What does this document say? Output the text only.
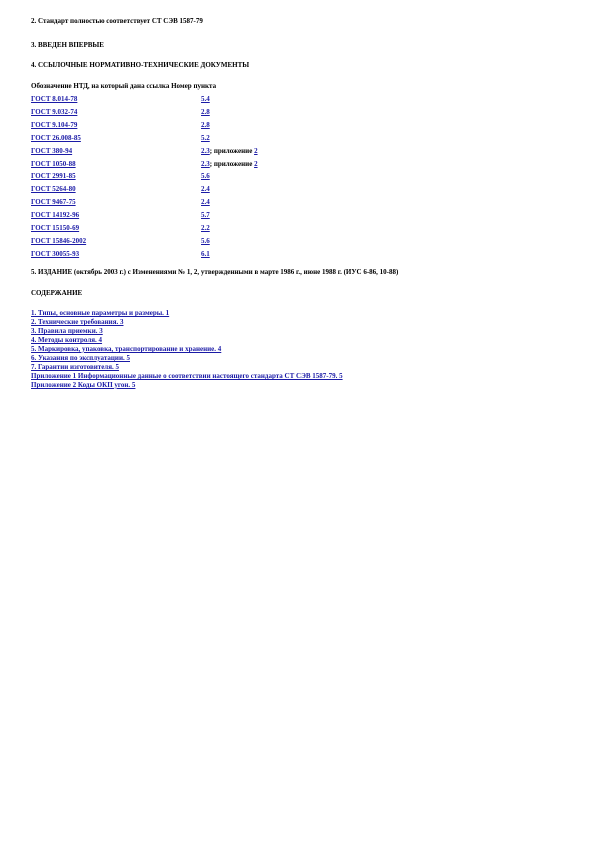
2. Стандарт полностью соответствует СТ СЭВ 1587-79
3. ВВЕДЕН ВПЕРВЫЕ
4. ССЫЛОЧНЫЕ НОРМАТИВНО-ТЕХНИЧЕСКИЕ ДОКУМЕНТЫ
Обозначение НТД, на который дана ссылка Номер пункта
ГОСТ 8.014-78	5.4
ГОСТ 9.032-74	2.8
ГОСТ 9.104-79	2.8
ГОСТ 26.008-85	5.2
ГОСТ 380-94	2.3; приложение 2
ГОСТ 1050-88	2.3; приложение 2
ГОСТ 2991-85	5.6
ГОСТ 5264-80	2.4
ГОСТ 9467-75	2.4
ГОСТ 14192-96	5.7
ГОСТ 15150-69	2.2
ГОСТ 15846-2002	5.6
ГОСТ 30055-93	6.1
5. ИЗДАНИЕ (октябрь 2003 г.) с Изменениями № 1, 2, утвержденными в марте 1986 г., июне 1988 г. (ИУС 6-86, 10-88)
СОДЕРЖАНИЕ
1. Типы, основные параметры и размеры. 1
2. Технические требования. 3
3. Правила приемки. 3
4. Методы контроля. 4
5. Маркировка, упаковка, транспортирование и хранение. 4
6. Указания по эксплуатации. 5
7. Гарантии изготовителя. 5
Приложение 1 Информационные данные о соответствии настоящего стандарта СТ СЭВ 1587-79. 5
Приложение 2 Коды ОКП угон. 5
